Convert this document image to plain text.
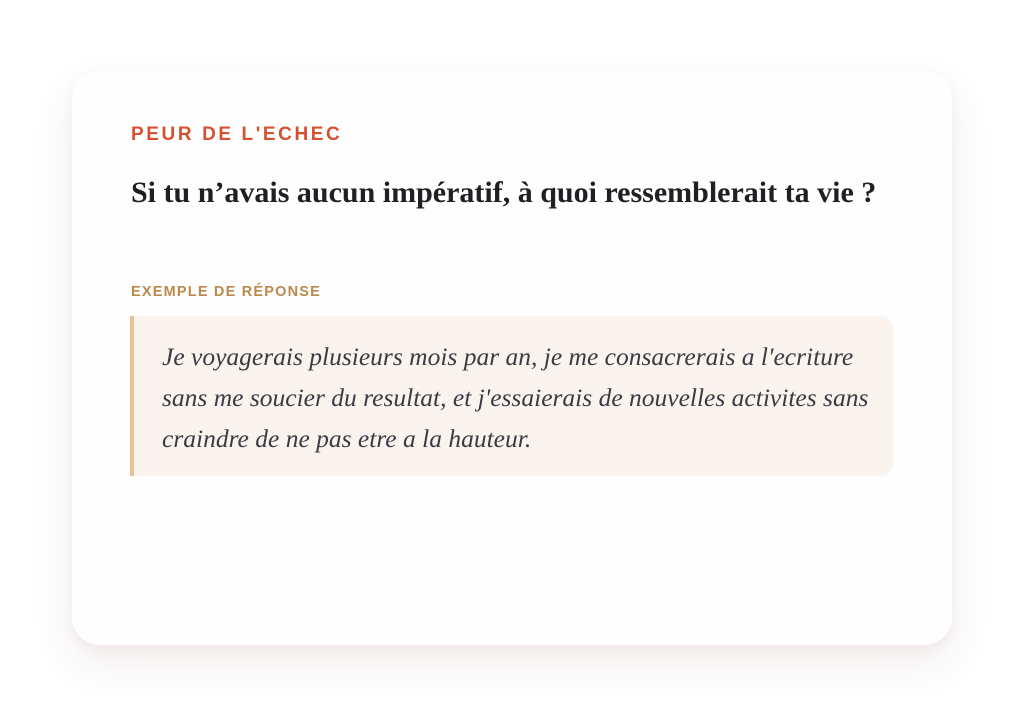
PEUR DE L'ECHEC
Si tu n’avais aucun impératif, à quoi ressemblerait ta vie ?
EXEMPLE DE RÉPONSE

Je voyagerais plusieurs mois par an, je me consacrerais a l'ecriture sans me soucier du resultat, et j'essaierais de nouvelles activites sans craindre de ne pas etre a la hauteur.
